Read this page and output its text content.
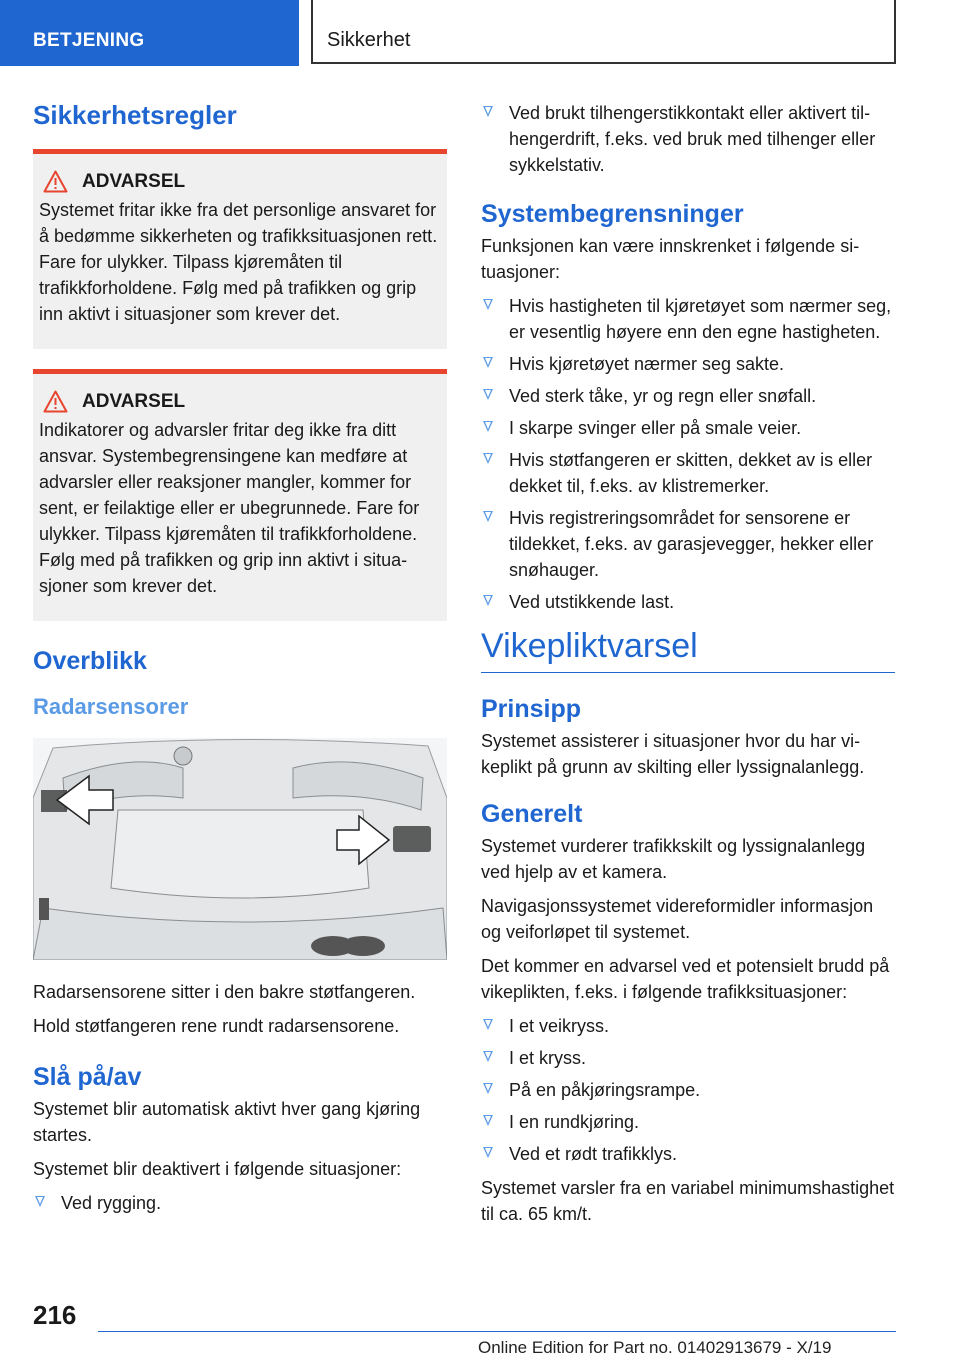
BETJENING	Sikkerhet
Sikkerhetsregler
ADVARSEL

Systemet fritar ikke fra det personlige ansvaret for å bedømme sikkerheten og trafikksituasjonen rett. Fare for ulykker. Tilpass kjøremåten til trafikkforholdene. Følg med på trafikken og grip inn aktivt i situasjoner som krever det.

ADVARSEL

Indikatorer og advarsler fritar deg ikke fra ditt ansvar. Systembegrensingene kan medføre at advarsler eller reaksjoner mangler, kommer for sent, er feilaktige eller er ubegrunnede. Fare for ulykker. Tilpass kjøremåten til trafikkforholdene. Følg med på trafikken og grip inn aktivt i situasjoner som krever det.

Overblikk
Radarsensorer

Radarsensorene sitter i den bakre støtfangeren.

Hold støtfangeren rene rundt radarsensorene.

Slå på/av

Systemet blir automatisk aktivt hver gang kjøring startes.

Systemet blir deaktivert i følgende situasjoner:

Ved rygging.
Ved brukt tilhengerstikkontakt eller aktivert tilhengerdrift, f.eks. ved bruk med tilhenger eller sykkelstativ.
Systembegrensninger

Funksjonen kan være innskrenket i følgende situasjoner:

Hvis hastigheten til kjøretøyet som nærmer seg, er vesentlig høyere enn den egne hastigheten.
Hvis kjøretøyet nærmer seg sakte.
Ved sterk tåke, yr og regn eller snøfall.
I skarpe svinger eller på smale veier.
Hvis støtfangeren er skitten, dekket av is eller dekket til, f.eks. av klistremerker.
Hvis registreringsområdet for sensorene er tildekket, f.eks. av garasjevegger, hekker eller snøhauger.
Ved utstikkende last.
Vikepliktvarsel
Prinsipp

Systemet assisterer i situasjoner hvor du har vikeplikt på grunn av skilting eller lyssignalanlegg.

Generelt

Systemet vurderer trafikkskilt og lyssignalanlegg ved hjelp av et kamera.

Navigasjonssystemet videreformidler informasjon og veiforløpet til systemet.

Det kommer en advarsel ved et potensielt brudd på vikeplikten, f.eks. i følgende trafikksituasjoner:

I et veikryss.
I et kryss.
På en påkjøringsrampe.
I en rundkjøring.
Ved et rødt trafikklys.

Systemet varsler fra en variabel minimumshastighet til ca. 65 km/t.

216
Online Edition for Part no. 01402913679 - X/19
